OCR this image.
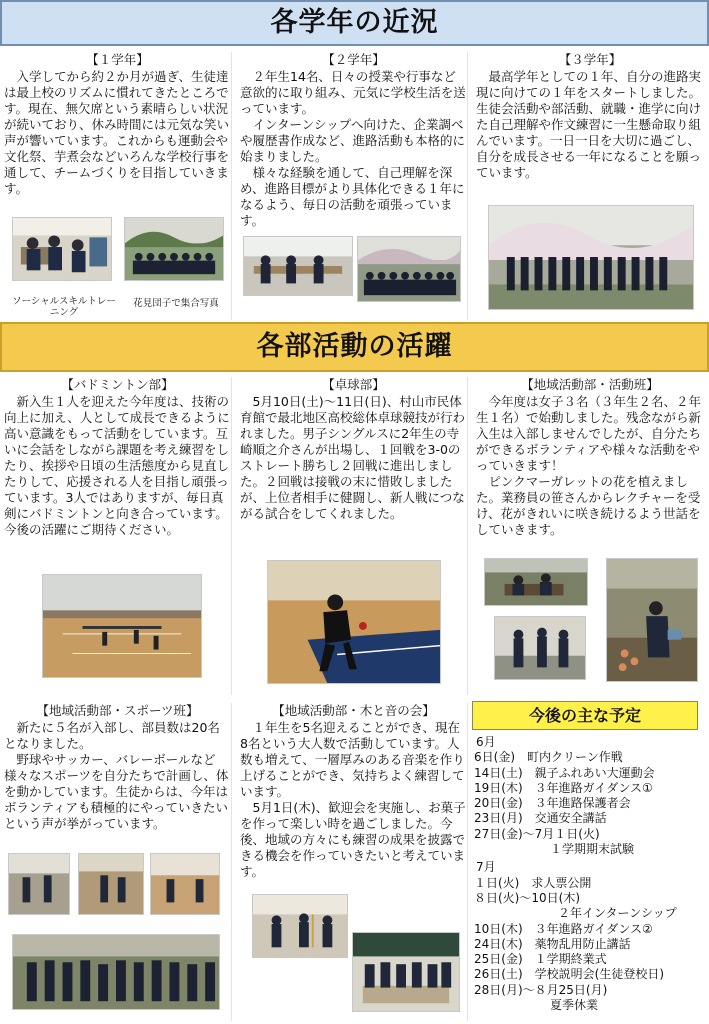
各学年の近況
【１学年】

入学してから約２か月が過ぎ、生徒達は最上校のリズムに慣れてきたところです。現在、無欠席という素晴らしい状況が続いており、休み時間には元気な笑い声が響いています。これからも運動会や文化祭、芋煮会などいろんな学校行事を通して、チームづくりを目指していきます。

ソーシャルスキルトレーニング
花見団子で集合写真
【２学年】

２年生14名、日々の授業や行事など意欲的に取り組み、元気に学校生活を送っています。

インターンシップへ向けた、企業調べや履歴書作成など、進路活動も本格的に始まりました。

様々な経験を通して、自己理解を深め、進路目標がより具体化できる１年になるよう、毎日の活動を頑張っています。

【３学年】

最高学年としての１年、自分の進路実現に向けての１年をスタートしました。生徒会活動や部活動、就職・進学に向けた自己理解や作文練習に一生懸命取り組んでいます。一日一日を大切に過ごし、自分を成長させる一年になることを願っています。

各部活動の活躍
【バドミントン部】

新入生１人を迎えた今年度は、技術の向上に加え、人として成長できるように高い意識をもって活動をしています。互いに会話をしながら課題を考え練習をしたり、挨拶や日頃の生活態度から見直したりして、応援される人を目指し頑張っています。3人ではありますが、毎日真剣にバドミントンと向き合っています。今後の活躍にご期待ください。

【卓球部】

5月10日(土)～11日(日)、村山市民体育館で最北地区高校総体卓球競技が行われました。男子シングルスに2年生の寺崎順之介さんが出場し、１回戦を3-0のストレート勝ちし２回戦に進出しました。２回戦は接戦の末に惜敗しましたが、上位者相手に健闘し、新人戦につながる試合をしてくれました。

【地域活動部・活動班】

今年度は女子３名（３年生２名、２年生１名）で始動しました。残念ながら新入生は入部しませんでしたが、自分たちができるボランティアや様々な活動をやっていきます！

ピンクマーガレットの花を植えました。業務員の笹さんからレクチャーを受け、花がきれいに咲き続けるよう世話をしていきます。

【地域活動部・スポーツ班】

新たに５名が入部し、部員数は20名となりました。

野球やサッカー、バレーボールなど様々なスポーツを自分たちで計画し、体を動かしています。生徒からは、今年はボランティアも積極的にやっていきたいという声が挙がっています。

【地域活動部・木と音の会】

１年生を5名迎えることができ、現在8名という大人数で活動しています。人数も増えて、一層厚みのある音楽を作り上げることができ、気持ちよく練習しています。

5月1日(木)、歓迎会を実施し、お菓子を作って楽しい時を過ごしました。今後、地域の方々にも練習の成果を披露できる機会を作っていきたいと考えています。

今後の主な予定
6月
6日(金)　 町内クリーン作戦
14日(土)　 親子ふれあい大運動会
19日(木)　 ３年進路ガイダンス①
20日(金)　 ３年進路保護者会
23日(月)　 交通安全講話
27日(金)～7月１日(火)
１学期期末試験
7月
１日(火)　 求人票公開
８日(火)～10日(木)
２年インターンシップ
10日(木)　 ３年進路ガイダンス②
24日(木)　 薬物乱用防止講話
25日(金)　 １学期終業式
26日(土)　 学校説明会(生徒登校日)
28日(月)～８月25日(月)
夏季休業
